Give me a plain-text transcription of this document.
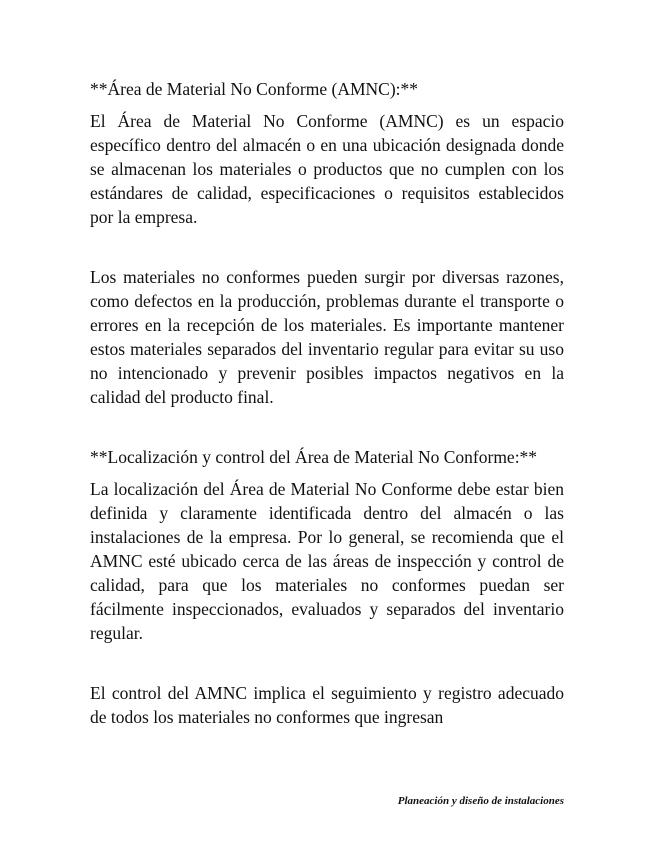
**Área de Material No Conforme (AMNC):**

El Área de Material No Conforme (AMNC) es un espacio específico dentro del almacén o en una ubicación designada donde se almacenan los materiales o productos que no cumplen con los estándares de calidad, especificaciones o requisitos establecidos por la empresa.

Los materiales no conformes pueden surgir por diversas razones, como defectos en la producción, problemas durante el transporte o errores en la recepción de los materiales. Es importante mantener estos materiales separados del inventario regular para evitar su uso no intencionado y prevenir posibles impactos negativos en la calidad del producto final.

**Localización y control del Área de Material No Conforme:**

La localización del Área de Material No Conforme debe estar bien definida y claramente identificada dentro del almacén o las instalaciones de la empresa. Por lo general, se recomienda que el AMNC esté ubicado cerca de las áreas de inspección y control de calidad, para que los materiales no conformes puedan ser fácilmente inspeccionados, evaluados y separados del inventario regular.

El control del AMNC implica el seguimiento y registro adecuado de todos los materiales no conformes que ingresan

Planeación y diseño de instalaciones
